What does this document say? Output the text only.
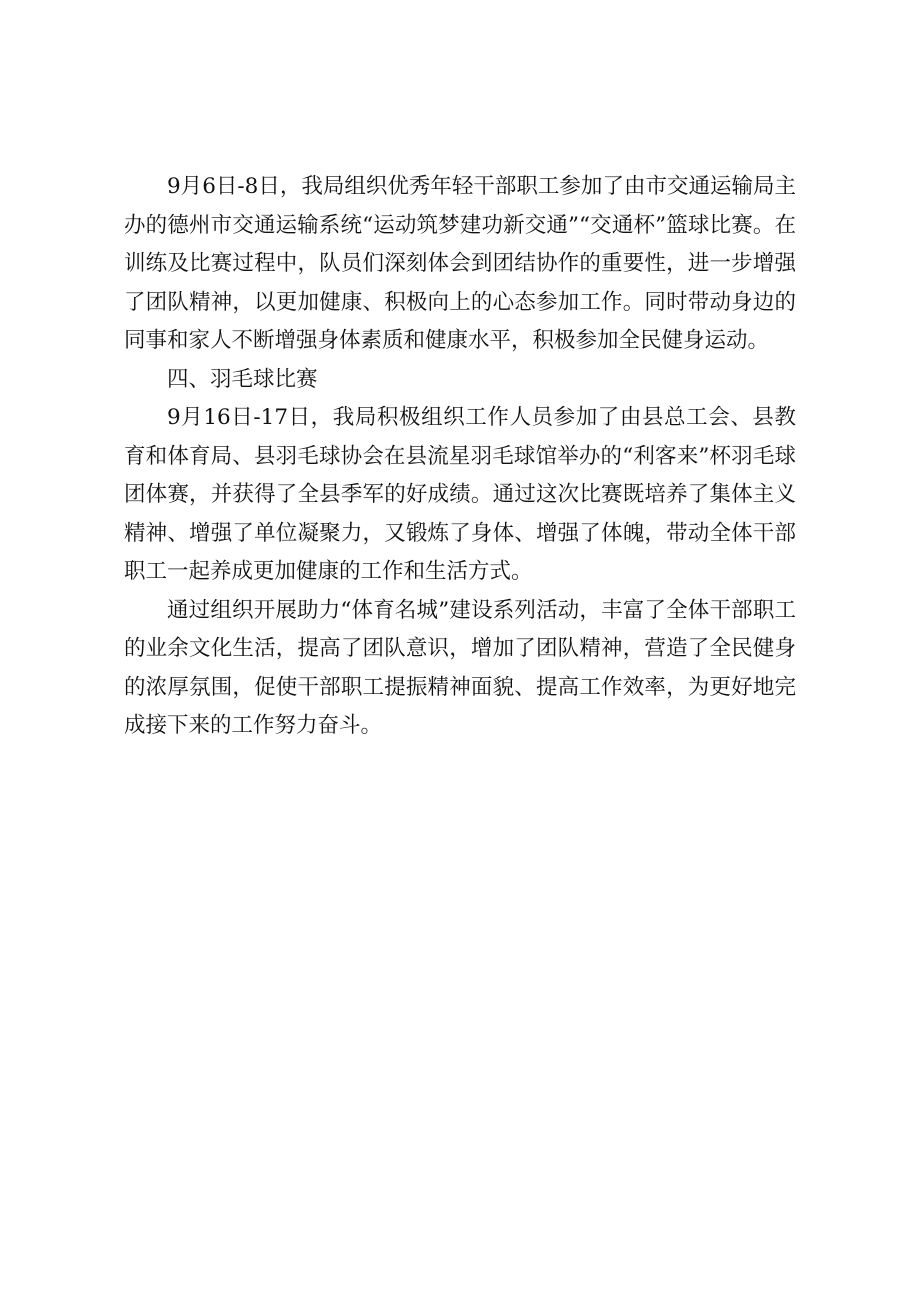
9月6日-8日，我局组织优秀年轻干部职工参加了由市交通运输局主办的德州市交通运输系统“运动筑梦建功新交通”“交通杯”篮球比赛。在训练及比赛过程中，队员们深刻体会到团结协作的重要性，进一步增强了团队精神，以更加健康、积极向上的心态参加工作。同时带动身边的同事和家人不断增强身体素质和健康水平，积极参加全民健身运动。

四、羽毛球比赛

9月16日-17日，我局积极组织工作人员参加了由县总工会、县教育和体育局、县羽毛球协会在县流星羽毛球馆举办的“利客来”杯羽毛球团体赛，并获得了全县季军的好成绩。通过这次比赛既培养了集体主义精神、增强了单位凝聚力，又锻炼了身体、增强了体魄，带动全体干部职工一起养成更加健康的工作和生活方式。

通过组织开展助力“体育名城”建设系列活动，丰富了全体干部职工的业余文化生活，提高了团队意识，增加了团队精神，营造了全民健身的浓厚氛围，促使干部职工提振精神面貌、提高工作效率，为更好地完成接下来的工作努力奋斗。
